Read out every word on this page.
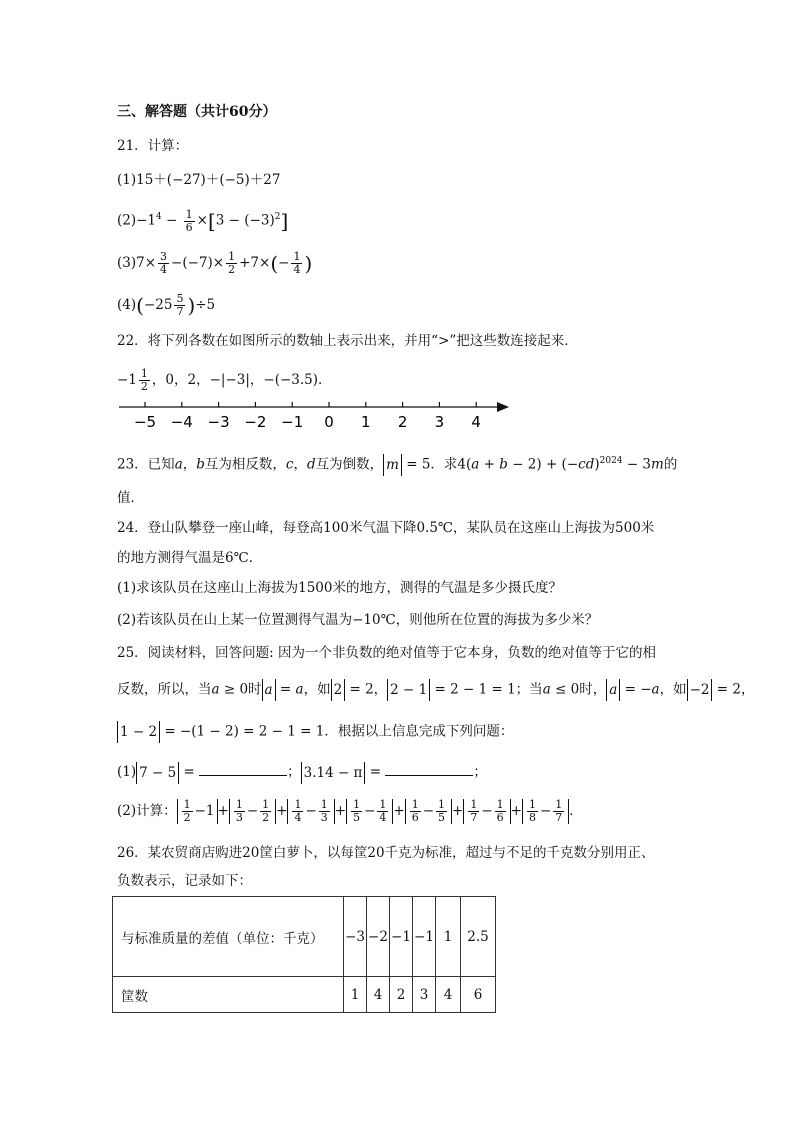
三、解答题（共计60分）
21．计算：
(1)15＋(−27)＋(−5)＋27
$(2)-1^4 - \frac{1}{6} \times[3 - (-3)^2]$
$(3)7\times \frac{3}{4} -(-7)\times \frac{1}{2} +7\times(- \frac{1}{4}$ )
$(4)(-25 \frac{5}{7} )\div 5$
22．将下列各数在如图所示的数轴上表示出来，并用“>”把这些数连接起来．
$-1 \frac{1}{2}$ ，0，2，−|−3|，−(−3.5)．
−5 −4 −3 −2 −1 0 1 2 3 4
23．已知a，b互为相反数，c，d互为倒数， m = 5．求$4(a + b - 2) + (-cd)^{2024} - 3m$的
值．
24．登山队攀登一座山峰，每登高100米气温下降0.5℃，某队员在这座山上海拔为500米
的地方测得气温是6℃．
(1)求该队员在这座山上海拔为1500米的地方，测得的气温是多少摄氏度？
(2)若该队员在山上某一位置测得气温为−10℃，则他所在位置的海拔为多少米？
25．阅读材料，回答问题: 因为一个非负数的绝对值等于它本身，负数的绝对值等于它的相
反数，所以，当a ≥ 0时 a = a，如 2 = 2， 2 − 1 = 2 − 1 = 1；当a ≤ 0时， a = −a，如 −2 = 2，
1 − 2 = −(1 − 2) = 2 − 1 = 1．根据以上信息完成下列问题：
(1) 7 − 5 =	； 3.14 − π =	；
(2)计算： $\frac{1}{2} -1 + \frac{1}{3} - \frac{1}{2} + \frac{1}{4} - \frac{1}{3} + \frac{1}{5} - \frac{1}{4} + \frac{1}{6} - \frac{1}{5} + \frac{1}{7} - \frac{1}{6} + \frac{1}{8} - \frac{1}{7}$ ．
26．某农贸商店购进20筐白萝卜，以每筐20千克为标准，超过与不足的千克数分别用正、
负数表示，记录如下：
与标准质量的差值（单位：千克）	−3	−2	−1	−1	1	2.5
筐数	1	4	2	3	4	6
